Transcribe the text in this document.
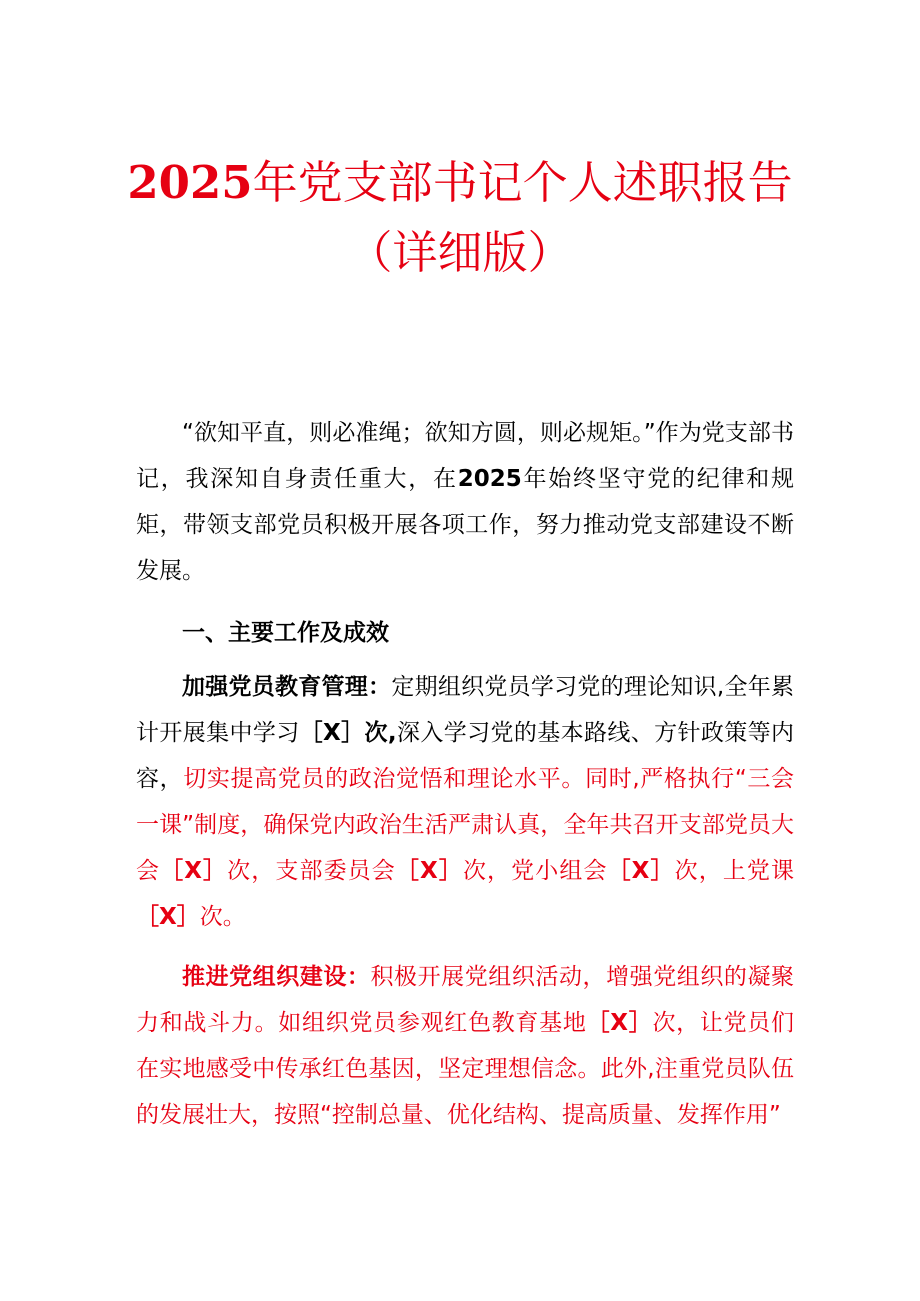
2025年党支部书记个人述职报告
（详细版）

“欲知平直，则必准绳；欲知方圆，则必规矩。”作为党支部书记，我深知自身责任重大，在2025年始终坚守党的纪律和规矩，带领支部党员积极开展各项工作，努力推动党支部建设不断发展。

一、主要工作及成效

加强党员教育管理：定期组织党员学习党的理论知识,全年累计开展集中学习［X］次,深入学习党的基本路线、方针政策等内容，切实提高党员的政治觉悟和理论水平。同时,严格执行“三会一课”制度，确保党内政治生活严肃认真，全年共召开支部党员大会［X］次，支部委员会［X］次，党小组会［X］次，上党课［X］次。

推进党组织建设：积极开展党组织活动，增强党组织的凝聚力和战斗力。如组织党员参观红色教育基地［X］次，让党员们在实地感受中传承红色基因，坚定理想信念。此外,注重党员队伍的发展壮大，按照“控制总量、优化结构、提高质量、发挥作用”
